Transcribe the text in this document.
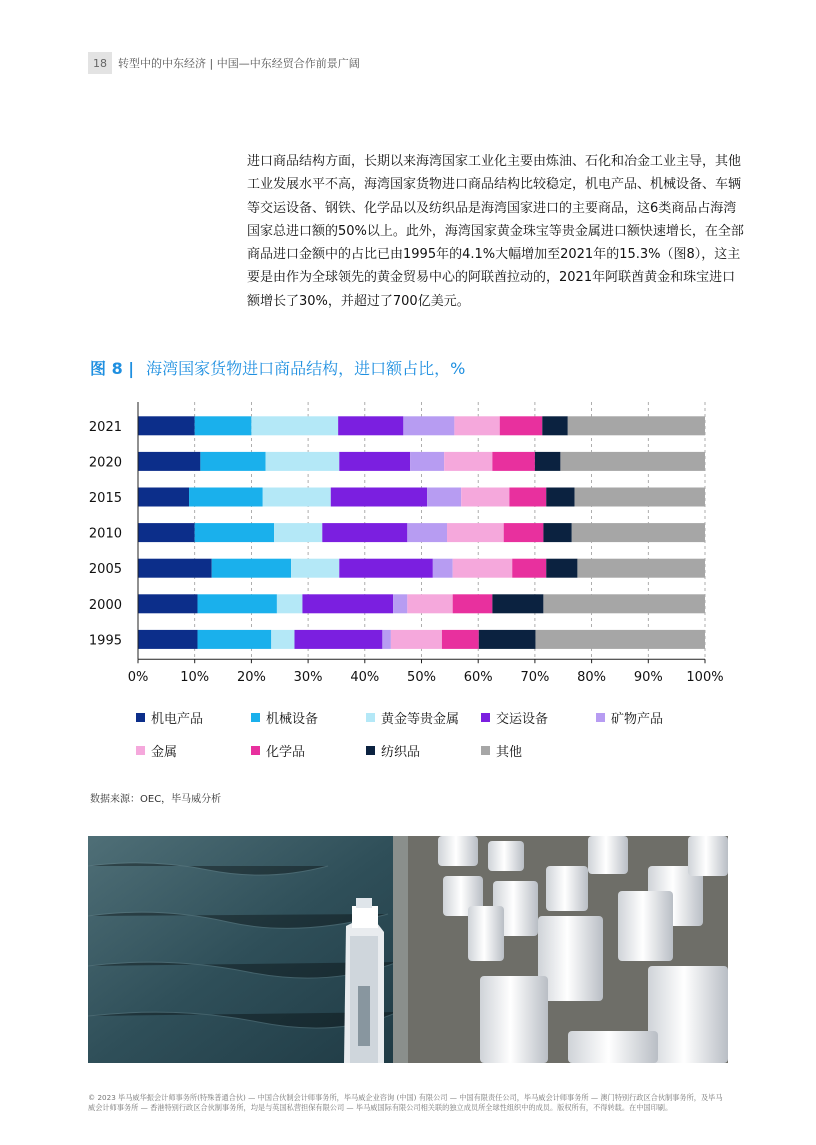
18	转型中的中东经济 | 中国—中东经贸合作前景广阔
进口商品结构方面，长期以来海湾国家工业化主要由炼油、石化和冶金工业主导，其他工业发展水平不高，海湾国家货物进口商品结构比较稳定，机电产品、机械设备、车辆等交运设备、钢铁、化学品以及纺织品是海湾国家进口的主要商品，这6类商品占海湾国家总进口额的50%以上。此外，海湾国家黄金珠宝等贵金属进口额快速增长，在全部商品进口金额中的占比已由1995年的4.1%大幅增加至2021年的15.3%（图8），这主要是由作为全球领先的黄金贸易中心的阿联酋拉动的，2021年阿联酋黄金和珠宝进口额增长了30%，并超过了700亿美元。
图 8 | 海湾国家货物进口商品结构，进口额占比，%
0% 10% 20% 30% 40% 50% 60% 70% 80% 90% 100%
2021
2020
2015
2010
2005
2000
1995
机电产品	机械设备	黄金等贵金属	交运设备	矿物产品
金属	化学品	纺织品	其他
数据来源：OEC，毕马威分析
© 2023 毕马威华振会计师事务所(特殊普通合伙) — 中国合伙制会计师事务所，毕马威企业咨询 (中国) 有限公司 — 中国有限责任公司，毕马威会计师事务所 — 澳门特别行政区合伙制事务所，及毕马威会计师事务所 — 香港特别行政区合伙制事务所，均是与英国私营担保有限公司 — 毕马威国际有限公司相关联的独立成员所全球性组织中的成员。版权所有，不得转载。在中国印刷。
